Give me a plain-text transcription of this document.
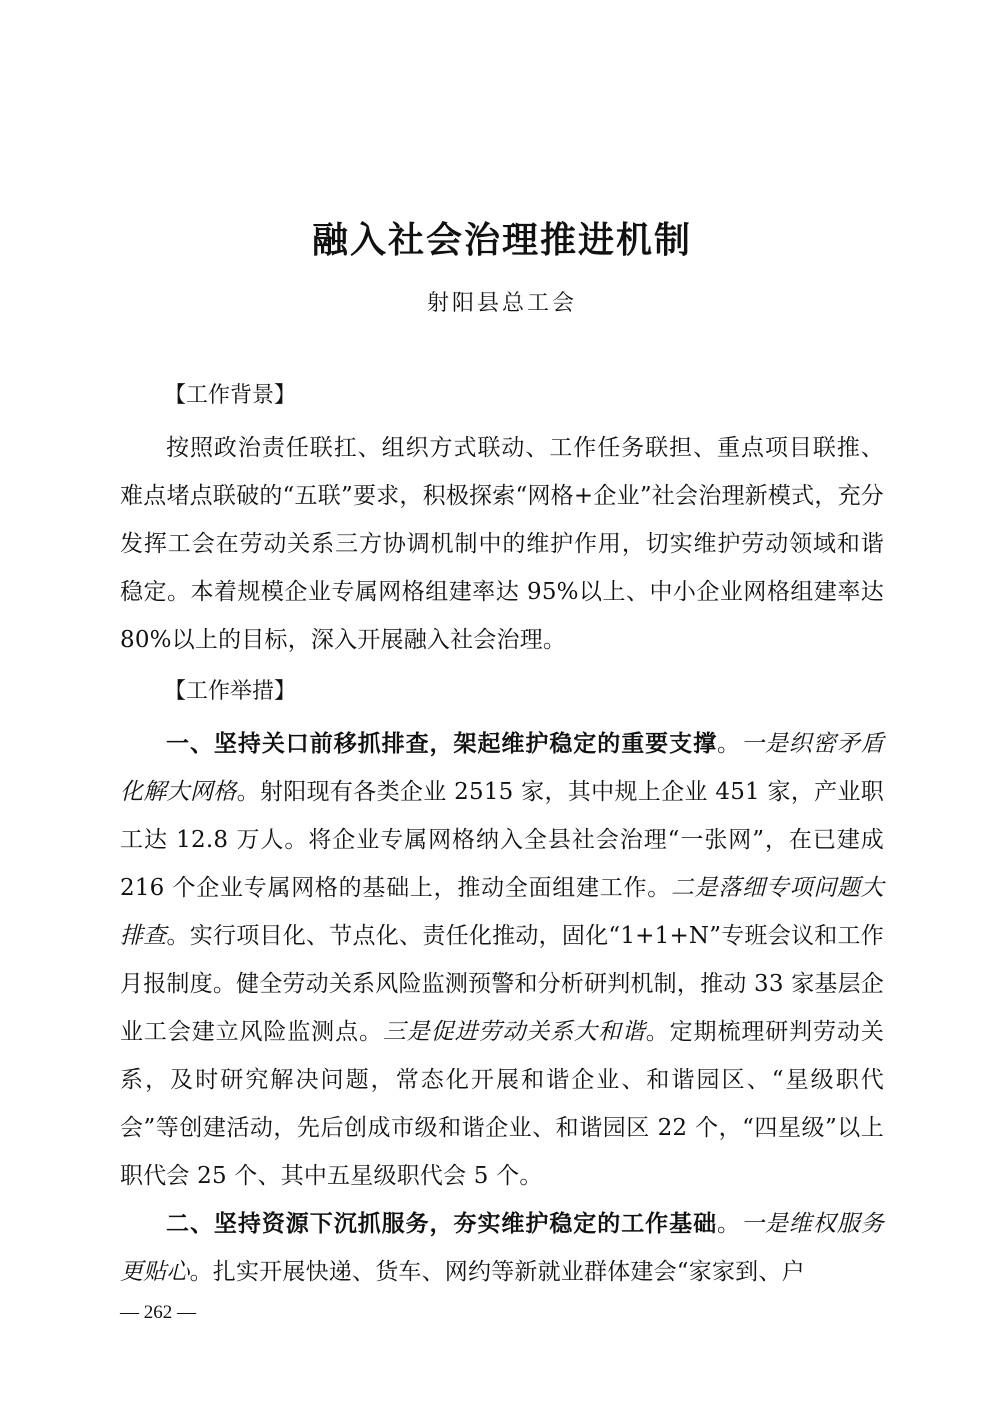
融入社会治理推进机制
射阳县总工会
【工作背景】

按照政治责任联扛、组织方式联动、工作任务联担、重点项目联推、难点堵点联破的“五联”要求，积极探索“网格+企业”社会治理新模式，充分发挥工会在劳动关系三方协调机制中的维护作用，切实维护劳动领域和谐稳定。本着规模企业专属网格组建率达 95%以上、中小企业网格组建率达 80%以上的目标，深入开展融入社会治理。

【工作举措】

一、坚持关口前移抓排查，架起维护稳定的重要支撑。一是织密矛盾化解大网格。射阳现有各类企业 2515 家，其中规上企业 451 家，产业职工达 12.8 万人。将企业专属网格纳入全县社会治理“一张网”，在已建成 216 个企业专属网格的基础上，推动全面组建工作。二是落细专项问题大排查。实行项目化、节点化、责任化推动，固化“1+1+N”专班会议和工作月报制度。健全劳动关系风险监测预警和分析研判机制，推动 33 家基层企业工会建立风险监测点。三是促进劳动关系大和谐。定期梳理研判劳动关系，及时研究解决问题，常态化开展和谐企业、和谐园区、“星级职代会”等创建活动，先后创成市级和谐企业、和谐园区 22 个，“四星级”以上职代会 25 个、其中五星级职代会 5 个。

二、坚持资源下沉抓服务，夯实维护稳定的工作基础。一是维权服务更贴心。扎实开展快递、货车、网约等新就业群体建会“家家到、户

— 262 —
